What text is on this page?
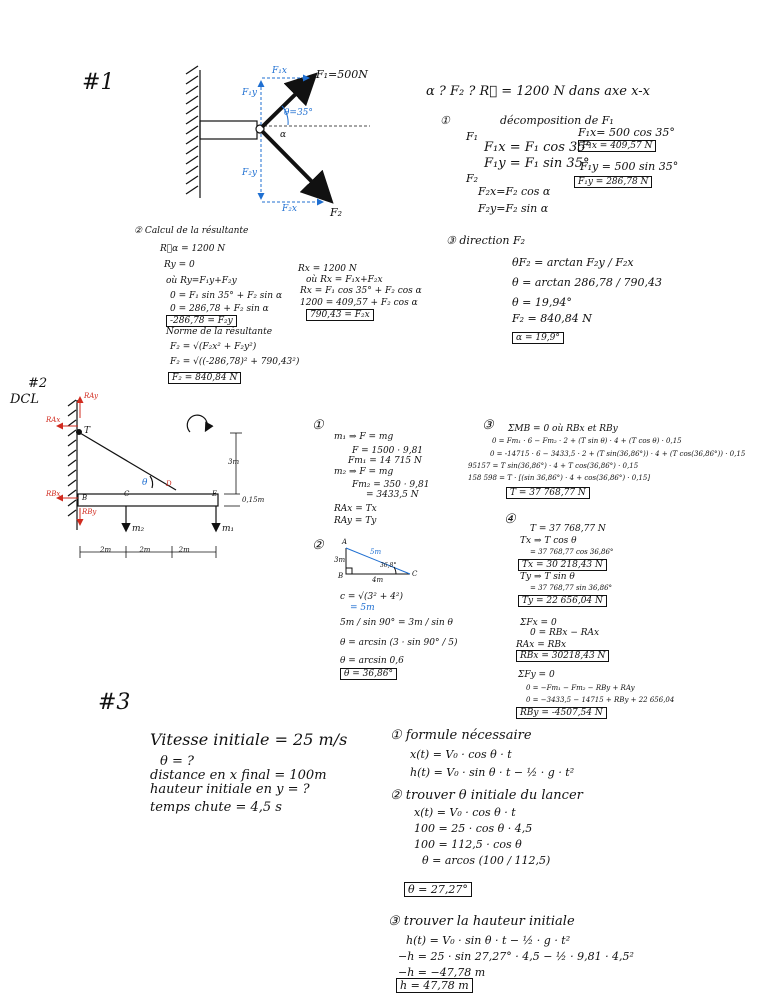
#1	F₁=500N
F₁x
F₁y
F₂y
F₂x
θ=35°
α
F₂
α ? F₂ ? R⃗ = 1200 N dans axe x-x
①	décomposition de F₁
F₁
F₁x = F₁ cos 35°
F₁y = F₁ sin 35°
F₂
F₂x=F₂ cos α
F₂y=F₂ sin α
F₁x= 500 cos 35°
F₁x = 409,57 N
F₁y = 500 sin 35°
F₁y = 286,78 N
② Calcul de la résultante
R⃗α = 1200 N
Ry = 0
où Ry=F₁y+F₂y
0 = F₁ sin 35° + F₂ sin α
0 = 286,78 + F₂ sin α
-286,78 = F₂y
Rx = 1200 N
où Rx = F₁x+F₂x
Rx = F₁ cos 35° + F₂ cos α
1200 = 409,57 + F₂ cos α
790,43 = F₂x
Norme de la résultante
F₂ = √(F₂x² + F₂y²)
F₂ = √((-286,78)² + 790,43²)
F₂ = 840,84 N
③ direction F₂
θF₂ = arctan F₂y / F₂x
θ = arctan 286,78 / 790,43
θ = 19,94°
F₂ = 840,84 N
α = 19,9°
#2
DCL	RAy
RAx
RBx
RBy
T
B	C	E
D
θ
m₂	m₁
3m
0,15m
2m 2m 2m
①
m₁ ⇒ F = mg
F = 1500 · 9,81
Fm₁ = 14 715 N
m₂ ⇒ F = mg
Fm₂ = 350 · 9,81
= 3433,5 N
RAx = Tx
RAy = Ty
②	A
B	C
5m
3m
4m
36,8°
c = √(3² + 4²)
= 5m
5m / sin 90° = 3m / sin θ
θ = arcsin (3 · sin 90° / 5)
θ = arcsin 0,6
θ = 36,86°
③ ΣMB = 0 où RBx et RBy
0 = Fm₁ · 6 − Fm₂ · 2 + (T sin θ) · 4 + (T cos θ) · 0,15
0 = -14715 · 6 − 3433,5 · 2 + (T sin(36,86°)) · 4 + (T cos(36,86°)) · 0,15
95157 = T sin(36,86°) · 4 + T cos(36,86°) · 0,15
158 598 = T · [(sin 36,86°) · 4 + cos(36,86°) · 0,15]
T = 37 768,77 N
④
T = 37 768,77 N
Tx ⇒ T cos θ
= 37 768,77 cos 36,86°
Tx = 30 218,43 N
Ty ⇒ T sin θ
= 37 768,77 sin 36,86°
Ty = 22 656,04 N
ΣFx = 0
0 = RBx − RAx
RAx = RBx
RBx = 30218,43 N
ΣFy = 0
0 = −Fm₁ − Fm₂ − RBy + RAy
0 = −3433,5 − 14715 + RBy + 22 656,04
RBy = -4507,54 N
#3
Vitesse initiale = 25 m/s
θ = ?
distance en x final = 100m
hauteur initiale en y = ?
temps chute = 4,5 s
① formule nécessaire
x(t) = V₀ · cos θ · t
h(t) = V₀ · sin θ · t − ½ · g · t²
② trouver θ initiale du lancer
x(t) = V₀ · cos θ · t
100 = 25 · cos θ · 4,5
100 = 112,5 · cos θ
θ = arcos (100 / 112,5)
θ = 27,27°
③ trouver la hauteur initiale
h(t) = V₀ · sin θ · t − ½ · g · t²
−h = 25 · sin 27,27° · 4,5 − ½ · 9,81 · 4,5²
−h = −47,78 m
h = 47,78 m
